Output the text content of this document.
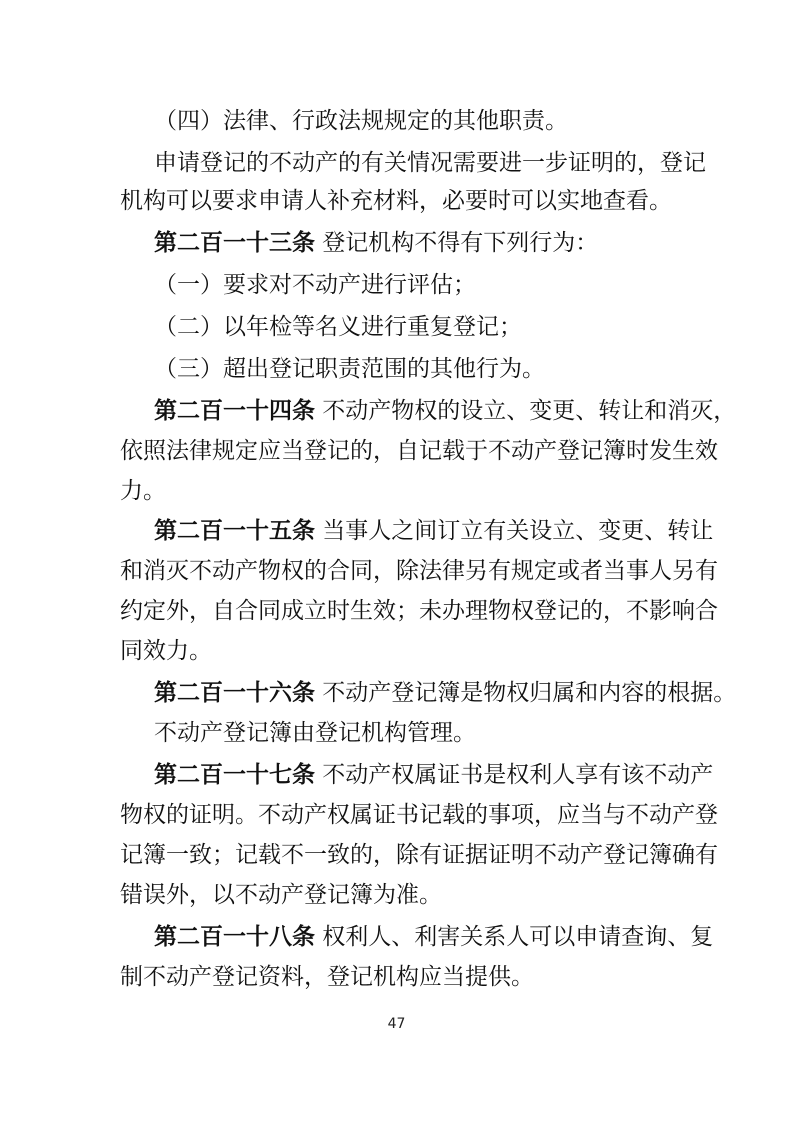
（四）法律、行政法规规定的其他职责。
申请登记的不动产的有关情况需要进一步证明的，登记
机构可以要求申请人补充材料，必要时可以实地查看。
第二百一十三条 登记机构不得有下列行为：
（一）要求对不动产进行评估；
（二）以年检等名义进行重复登记；
（三）超出登记职责范围的其他行为。
第二百一十四条 不动产物权的设立、变更、转让和消灭，
依照法律规定应当登记的，自记载于不动产登记簿时发生效
力。
第二百一十五条 当事人之间订立有关设立、变更、转让
和消灭不动产物权的合同，除法律另有规定或者当事人另有
约定外，自合同成立时生效；未办理物权登记的，不影响合
同效力。
第二百一十六条 不动产登记簿是物权归属和内容的根据。
不动产登记簿由登记机构管理。
第二百一十七条 不动产权属证书是权利人享有该不动产
物权的证明。不动产权属证书记载的事项，应当与不动产登
记簿一致；记载不一致的，除有证据证明不动产登记簿确有
错误外，以不动产登记簿为准。
第二百一十八条 权利人、利害关系人可以申请查询、复
制不动产登记资料，登记机构应当提供。
47
